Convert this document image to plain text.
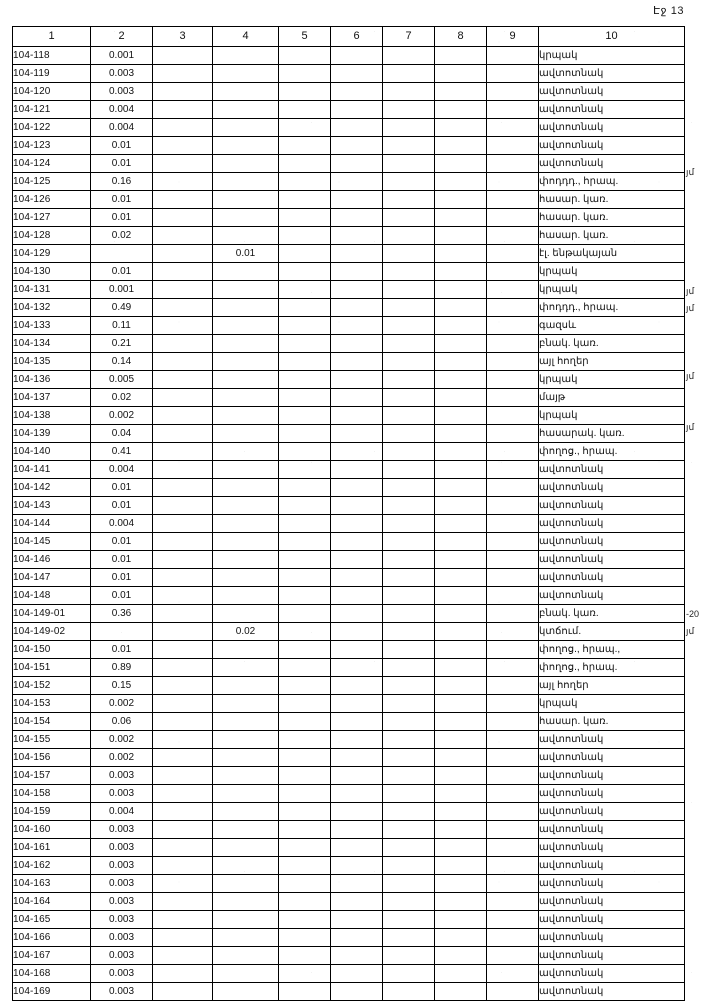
Էջ 13
1	2	3	4	5	6	7	8	9	10
104-118	0.001								կրպակ
104-119	0.003								ավտոտնակ
104-120	0.003								ավտոտնակ
104-121	0.004								ավտոտնակ
104-122	0.004								ավտոտնակ
104-123	0.01								ավտոտնակ
104-124	0.01								ավտոտնակ
104-125	0.16								փոդդդ., հրապ.
104-126	0.01								հասար. կառ.
104-127	0.01								հասար. կառ.
104-128	0.02								հասար. կառ.
104-129			0.01						էլ. ենթակայան
104-130	0.01								կրպակ
104-131	0.001								կրպակ
104-132	0.49								փոդդդ., հրապ.
104-133	0.11								գազսև
104-134	0.21								բնակ. կառ.
104-135	0.14								այլ հողեր
104-136	0.005								կրպակ
104-137	0.02								մայթ
104-138	0.002								կրպակ
104-139	0.04								հասարակ. կառ.
104-140	0.41								փողոց., հրապ.
104-141	0.004								ավտոտնակ
104-142	0.01								ավտոտնակ
104-143	0.01								ավտոտնակ
104-144	0.004								ավտոտնակ
104-145	0.01								ավտոտնակ
104-146	0.01								ավտոտնակ
104-147	0.01								ավտոտնակ
104-148	0.01								ավտոտնակ
104-149-01	0.36								բնակ. կառ.
104-149-02			0.02						կտճում.
104-150	0.01								փողոց., հրապ.,
104-151	0.89								փողոց., հրապ.
104-152	0.15								այլ հողեր
104-153	0.002								կրպակ
104-154	0.06								հասար. կառ.
104-155	0.002								ավտոտնակ
104-156	0.002								ավտոտնակ
104-157	0.003								ավտոտնակ
104-158	0.003								ավտոտնակ
104-159	0.004								ավտոտնակ
104-160	0.003								ավտոտնակ
104-161	0.003								ավտոտնակ
104-162	0.003								ավտոտնակ
104-163	0.003								ավտոտնակ
104-164	0.003								ավտոտնակ
104-165	0.003								ավտոտնակ
104-166	0.003								ավտոտնակ
104-167	0.003								ավտոտնակ
104-168	0.003								ավտոտնակ
104-169	0.003								ավտոտնակ
յմ
յմ
յմ
յմ
յմ
-20
յմ
